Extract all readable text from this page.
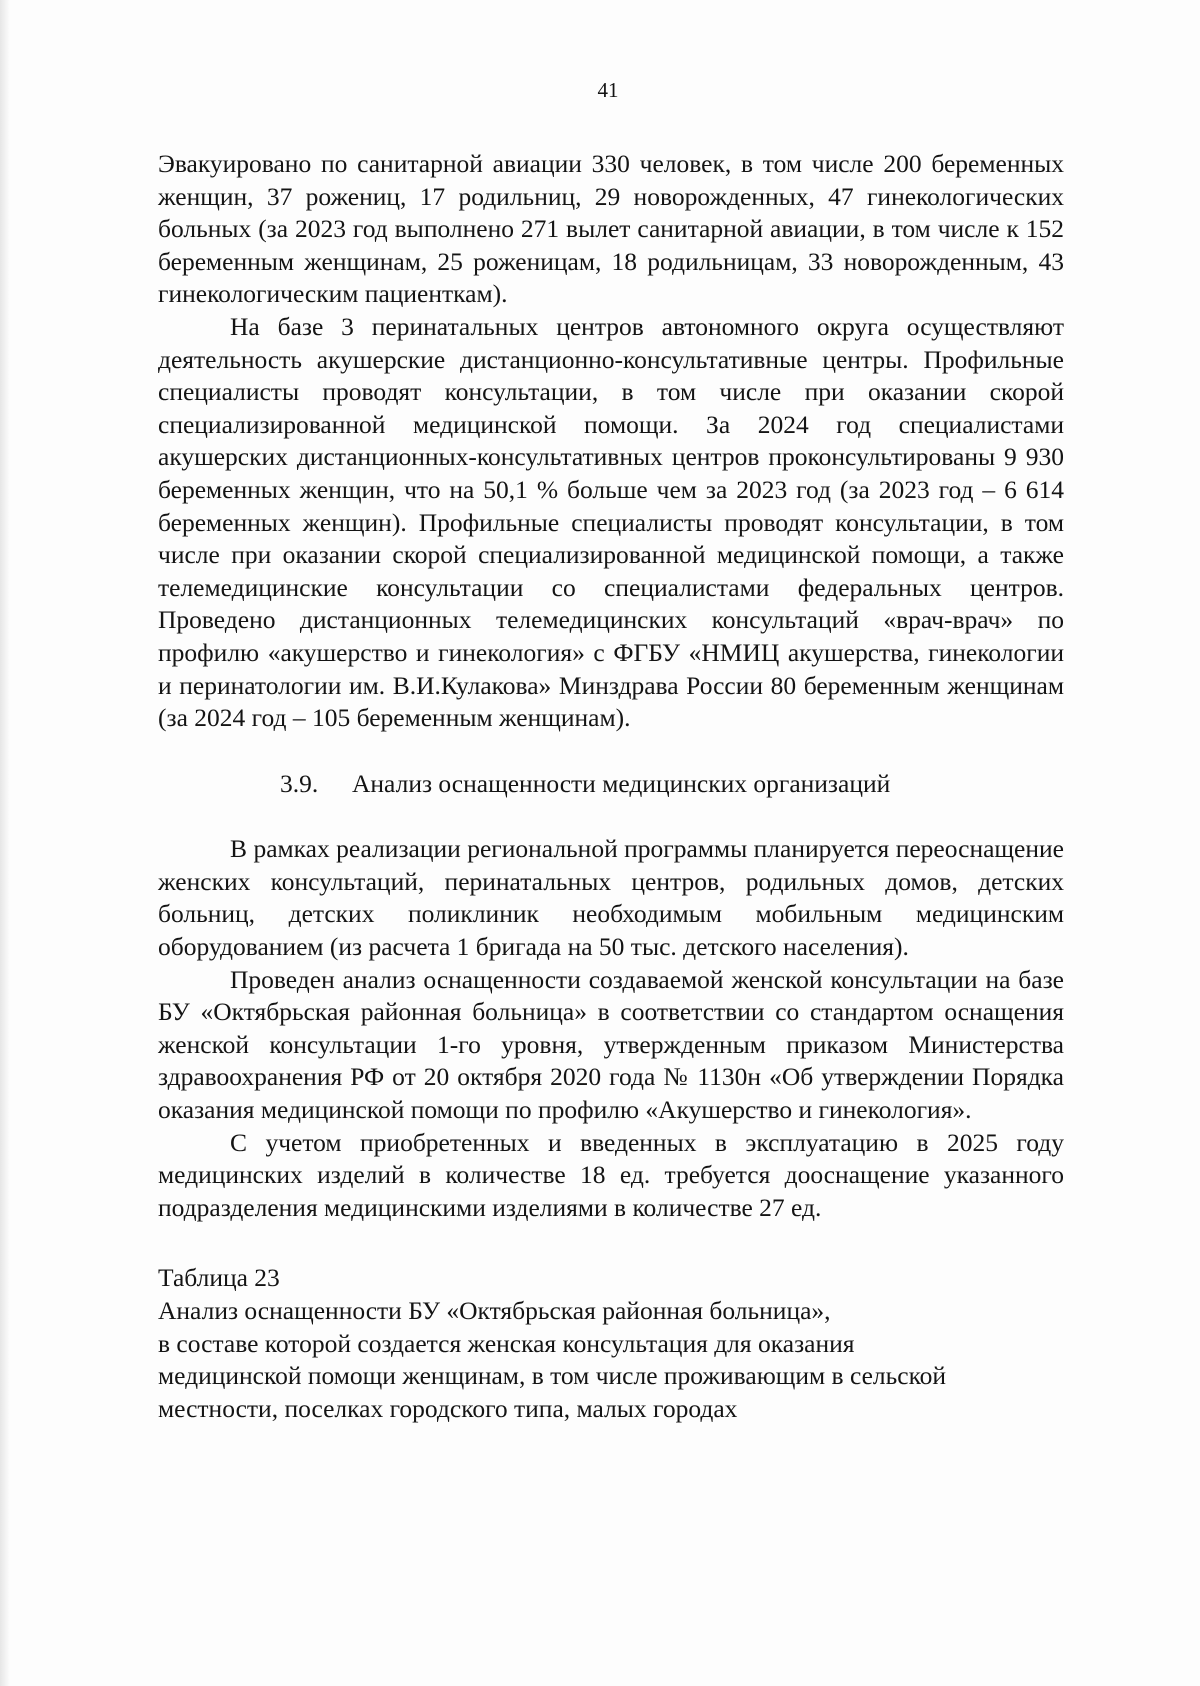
41

Эвакуировано по санитарной авиации 330 человек, в том числе 200 беременных женщин, 37 рожениц, 17 родильниц, 29 новорожденных, 47 гинекологических больных (за 2023 год выполнено 271 вылет санитарной авиации, в том числе к 152 беременным женщинам, 25 роженицам, 18 родильницам, 33 новорожденным, 43 гинекологическим пациенткам).

На базе 3 перинатальных центров автономного округа осуществляют деятельность акушерские дистанционно-консультативные центры. Профильные специалисты проводят консультации, в том числе при оказании скорой специализированной медицинской помощи. За 2024 год специалистами акушерских дистанционных-консультативных центров проконсультированы 9 930 беременных женщин, что на 50,1 % больше чем за 2023 год (за 2023 год – 6 614 беременных женщин). Профильные специалисты проводят консультации, в том числе при оказании скорой специализированной медицинской помощи, а также телемедицинские консультации со специалистами федеральных центров. Проведено дистанционных телемедицинских консультаций «врач-врач» по профилю «акушерство и гинекология» с ФГБУ «НМИЦ акушерства, гинекологии и перинатологии им. В.И.Кулакова» Минздрава России 80 беременным женщинам (за 2024 год – 105 беременным женщинам).

3.9. Анализ оснащенности медицинских организаций

В рамках реализации региональной программы планируется переоснащение женских консультаций, перинатальных центров, родильных домов, детских больниц, детских поликлиник необходимым мобильным медицинским оборудованием (из расчета 1 бригада на 50 тыс. детского населения).

Проведен анализ оснащенности создаваемой женской консультации на базе БУ «Октябрьская районная больница» в соответствии со стандартом оснащения женской консультации 1-го уровня, утвержденным приказом Министерства здравоохранения РФ от 20 октября 2020 года № 1130н «Об утверждении Порядка оказания медицинской помощи по профилю «Акушерство и гинекология».

С учетом приобретенных и введенных в эксплуатацию в 2025 году медицинских изделий в количестве 18 ед. требуется дооснащение указанного подразделения медицинскими изделиями в количестве 27 ед.

Таблица 23

Анализ оснащенности БУ «Октябрьская районная больница»,

в составе которой создается женская консультация для оказания

медицинской помощи женщинам, в том числе проживающим в сельской

местности, поселках городского типа, малых городах
